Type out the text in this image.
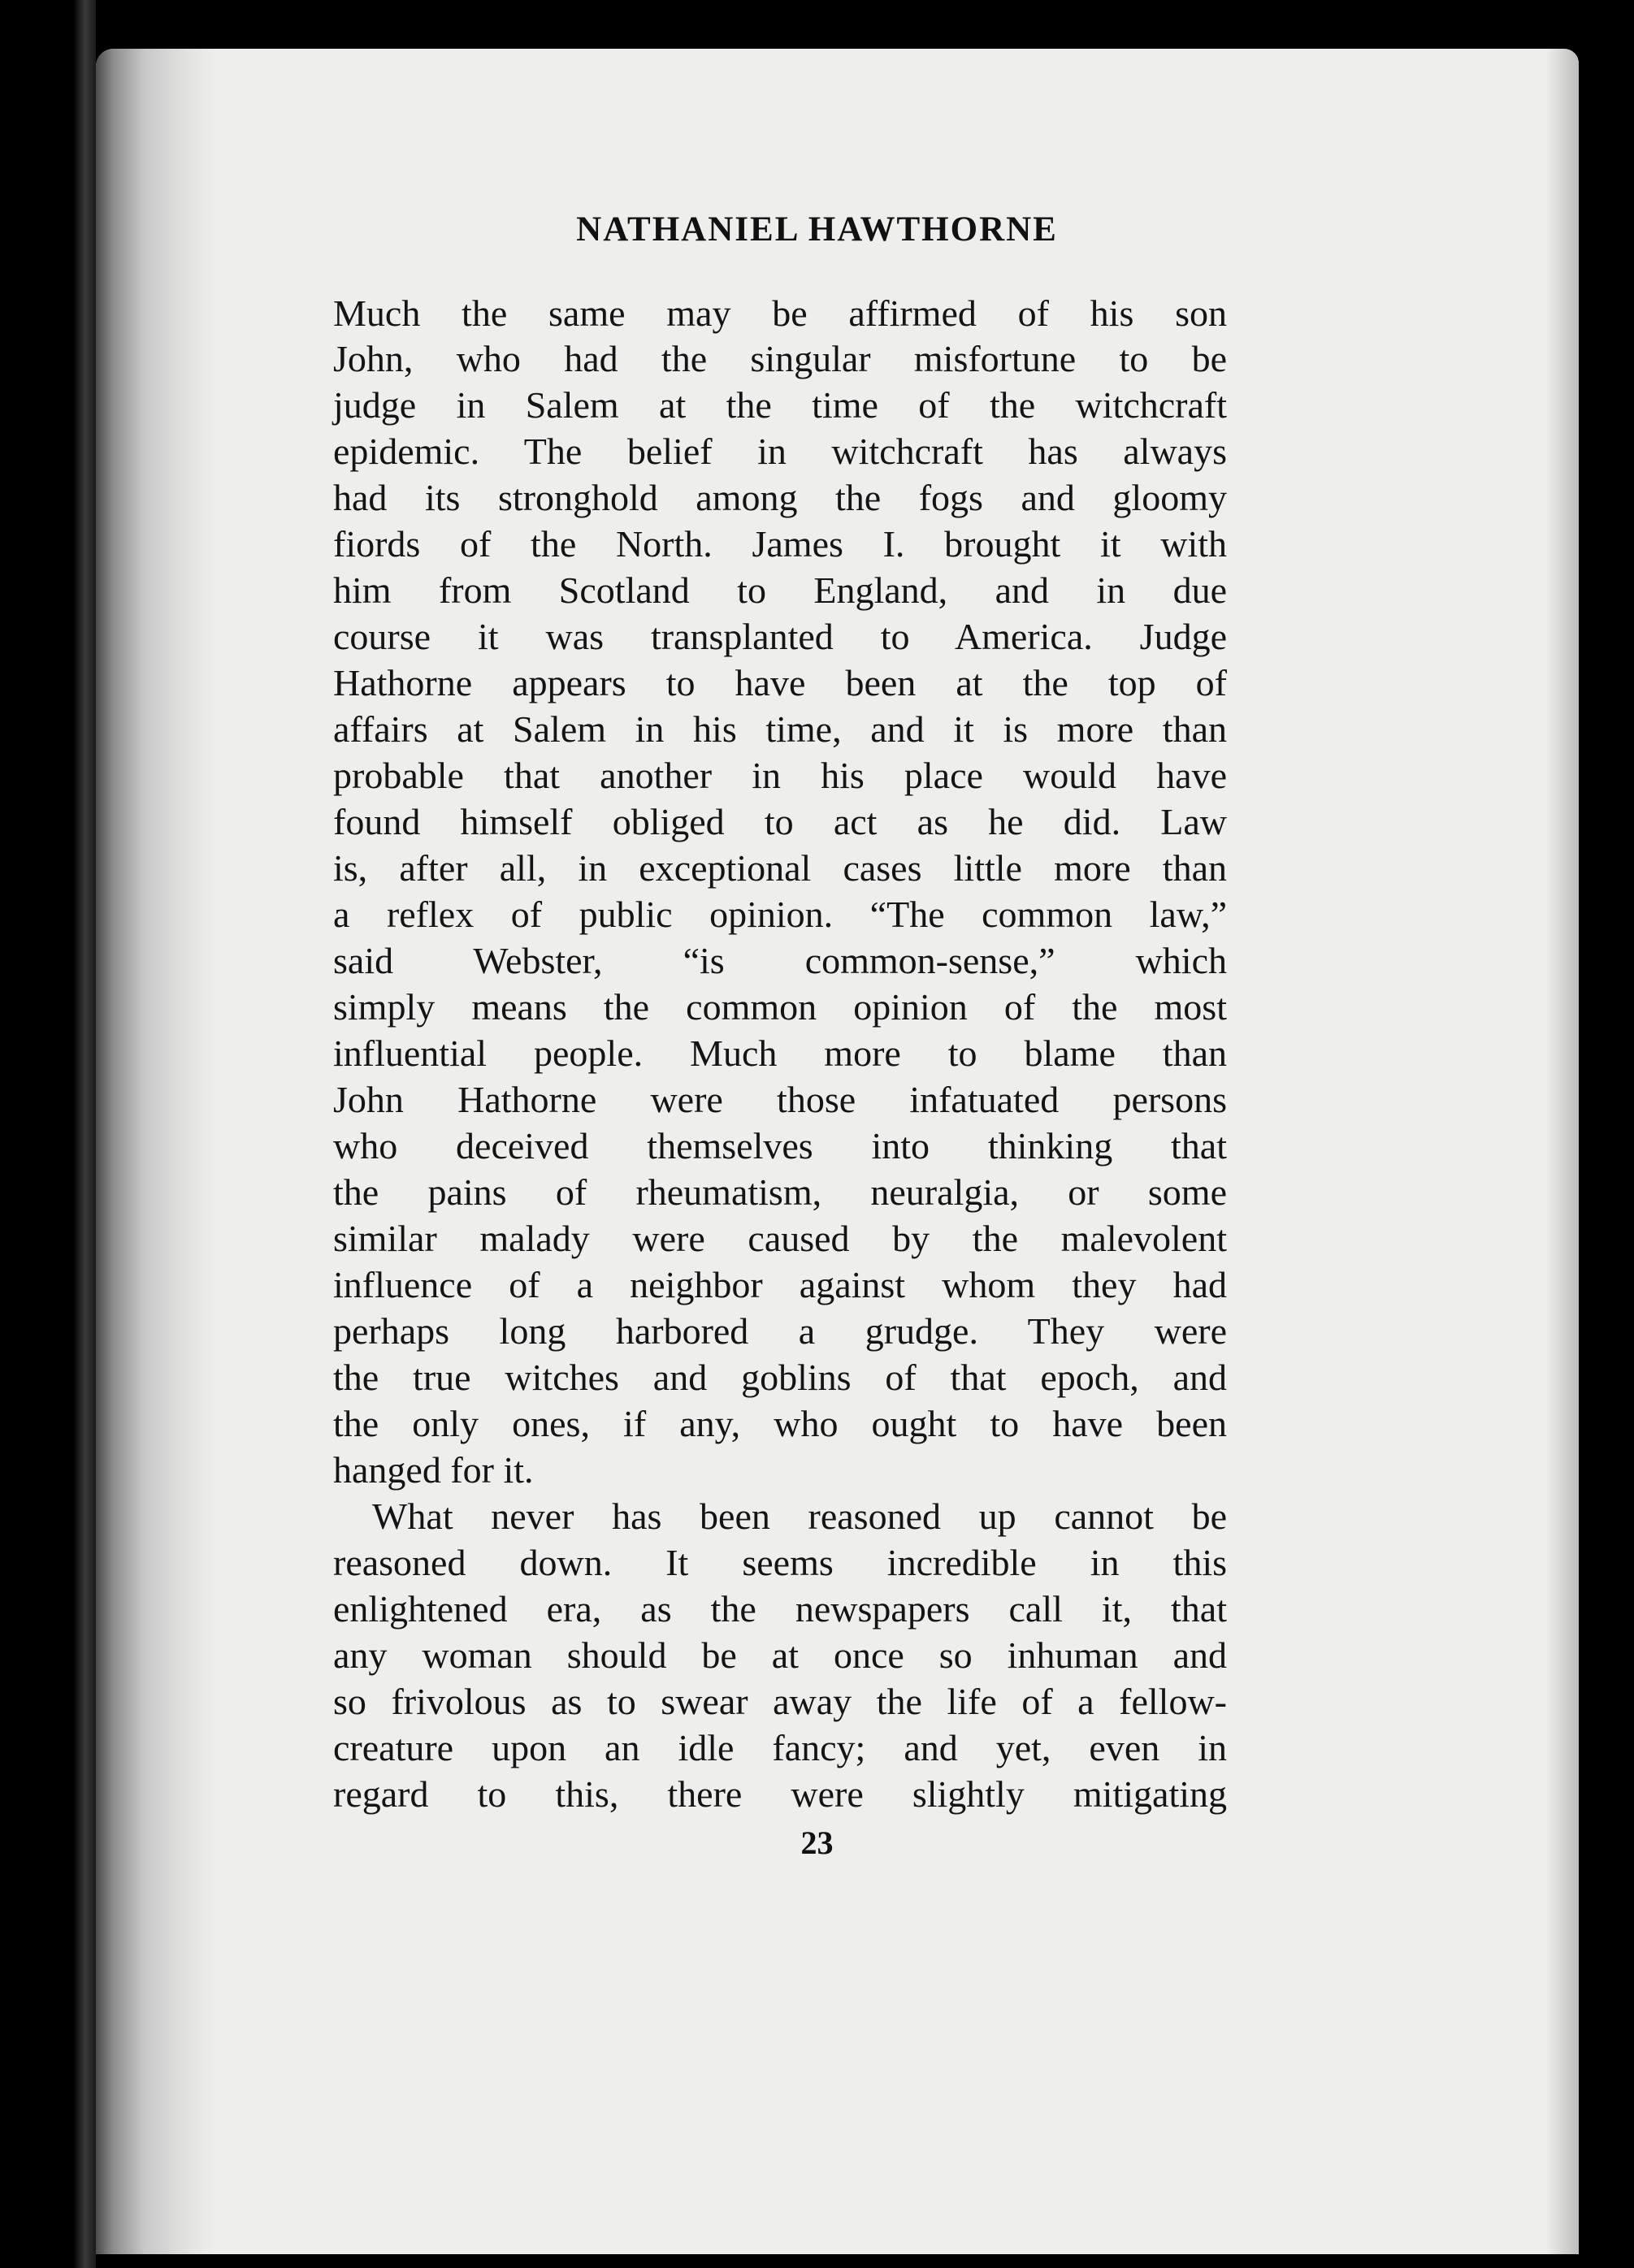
NATHANIEL HAWTHORNE
Much the same may be affirmed of his son
John, who had the singular misfortune to be
judge in Salem at the time of the witchcraft
epidemic. The belief in witchcraft has always
had its stronghold among the fogs and gloomy
fiords of the North. James I. brought it with
him from Scotland to England, and in due
course it was transplanted to America. Judge
Hathorne appears to have been at the top of
affairs at Salem in his time, and it is more than
probable that another in his place would have
found himself obliged to act as he did. Law
is, after all, in exceptional cases little more than
a reflex of public opinion. “The common law,”
said Webster, “is common-sense,” which
simply means the common opinion of the most
influential people. Much more to blame than
John Hathorne were those infatuated persons
who deceived themselves into thinking that
the pains of rheumatism, neuralgia, or some
similar malady were caused by the malevolent
influence of a neighbor against whom they had
perhaps long harbored a grudge. They were
the true witches and goblins of that epoch, and
the only ones, if any, who ought to have been
hanged for it.
What never has been reasoned up cannot be
reasoned down. It seems incredible in this
enlightened era, as the newspapers call it, that
any woman should be at once so inhuman and
so frivolous as to swear away the life of a fellow-
creature upon an idle fancy; and yet, even in
regard to this, there were slightly mitigating
23
